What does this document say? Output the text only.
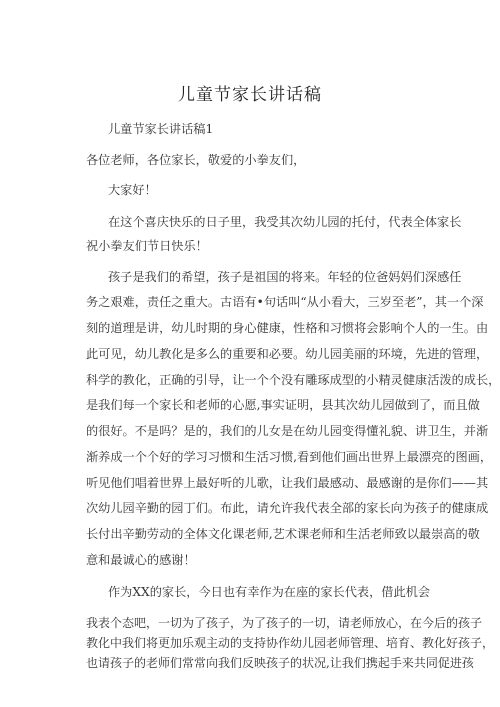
儿童节家长讲话稿
儿童节家长讲话稿1
各位老师，各位家长，敬爱的小拳友们，
大家好！
在这个喜庆快乐的日子里，我受其次幼儿园的托付，代表全体家长
祝小拳友们节日快乐！
孩子是我们的希望，孩子是祖国的将来。年轻的位爸妈妈们深感任
务之艰难，责任之重大。古语有•句话叫“从小看大，三岁至老”，其一个深
刻的道理是讲，幼儿时期的身心健康，性格和习惯将会影响个人的一生。由
此可见，幼儿教化是多么的重要和必要。幼儿园美丽的环境，先进的管理，
科学的教化，正确的引导，让一个个没有雕琢成型的小精灵健康活泼的成长，
是我们每一个家长和老师的心愿,事实证明，县其次幼儿园做到了，而且做
的很好。不是吗？是的，我们的儿女是在幼儿园变得懂礼貌、讲卫生，并渐
渐养成一个个好的学习习惯和生活习惯,看到他们画出世界上最漂亮的图画，
听见他们唱着世界上最好听的儿歌，让我们最感动、最感谢的是你们——其
次幼儿园辛勤的园丁们。布此，请允许我代表全部的家长向为孩子的健康成
长付出辛勤劳动的全体文化课老师,艺术课老师和生活老师致以最崇高的敬
意和最诚心的感谢！
作为XX的家长，今日也有幸作为在座的家长代表，借此机会
我表个态吧，一切为了孩子，为了孩子的一切，请老师放心，在今后的孩子
教化中我们将更加乐观主动的支持协作幼儿园老师管理、培育、教化好孩子，
也请孩子的老师们常常向我们反映孩子的状况,让我们携起手来共同促进孩
